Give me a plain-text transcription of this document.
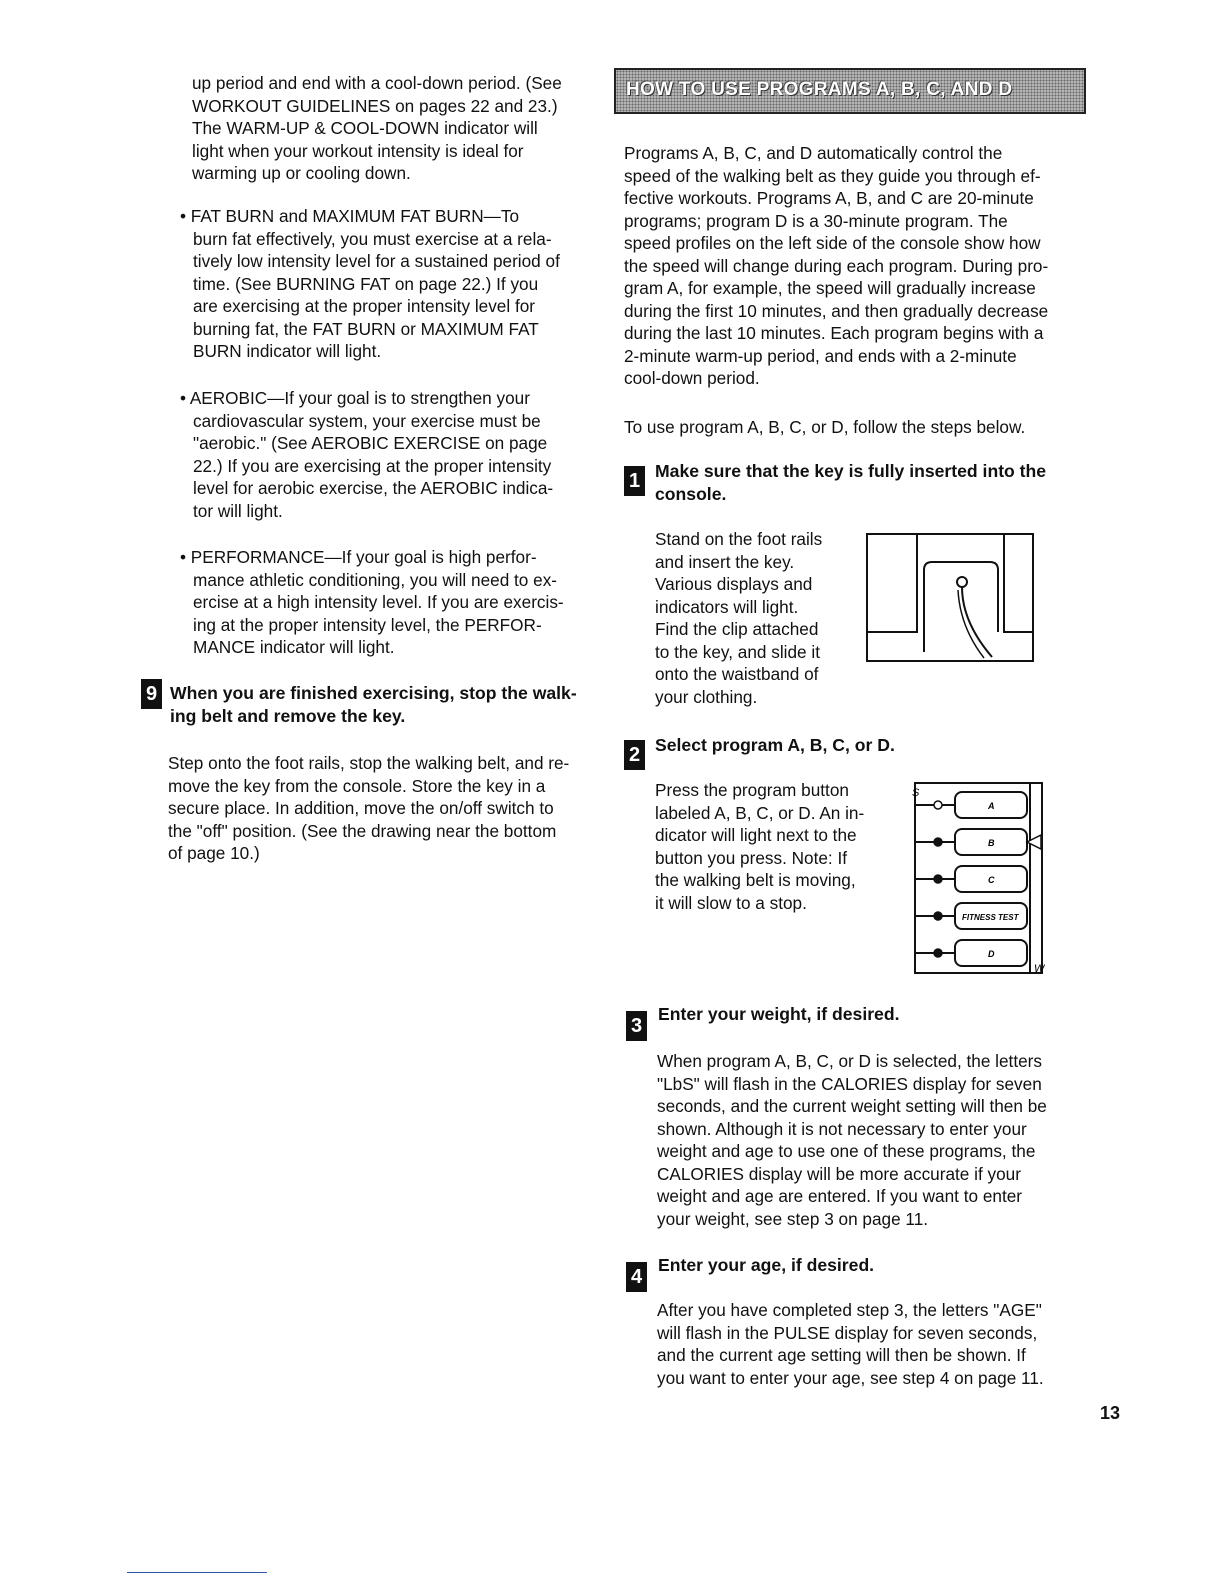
up period and end with a cool-down period. (See

WORKOUT GUIDELINES on pages 22 and 23.)

The WARM-UP & COOL-DOWN indicator will

light when your workout intensity is ideal for

warming up or cooling down.

• FAT BURN and MAXIMUM FAT BURN—To

burn fat effectively, you must exercise at a rela-

tively low intensity level for a sustained period of

time. (See BURNING FAT on page 22.) If you

are exercising at the proper intensity level for

burning fat, the FAT BURN or MAXIMUM FAT

BURN indicator will light.

• AEROBIC—If your goal is to strengthen your

cardiovascular system, your exercise must be

"aerobic." (See AEROBIC EXERCISE on page

22.) If you are exercising at the proper intensity

level for aerobic exercise, the AEROBIC indica-

tor will light.

• PERFORMANCE—If your goal is high perfor-

mance athletic conditioning, you will need to ex-

ercise at a high intensity level. If you are exercis-

ing at the proper intensity level, the PERFOR-

MANCE indicator will light.

9 When you are finished exercising, stop the walk-

ing belt and remove the key.

Step onto the foot rails, stop the walking belt, and re-

move the key from the console. Store the key in a

secure place. In addition, move the on/off switch to

the "off" position. (See the drawing near the bottom

of page 10.)

HOW TO USE PROGRAMS A, B, C, AND D

Programs A, B, C, and D automatically control the

speed of the walking belt as they guide you through ef-

fective workouts. Programs A, B, and C are 20-minute

programs; program D is a 30-minute program. The

speed profiles on the left side of the console show how

the speed will change during each program. During pro-

gram A, for example, the speed will gradually increase

during the first 10 minutes, and then gradually decrease

during the last 10 minutes. Each program begins with a

2-minute warm-up period, and ends with a 2-minute

cool-down period.

To use program A, B, C, or D, follow the steps below.

1 Make sure that the key is fully inserted into the

console.

Stand on the foot rails

and insert the key.

Various displays and

indicators will light.

Find the clip attached

to the key, and slide it

onto the waistband of

your clothing.

2 Select program A, B, C, or D.

Press the program button

labeled A, B, C, or D. An in-

dicator will light next to the

button you press. Note: If

the walking belt is moving,

it will slow to a stop.

S
W
A
B
C
FITNESS TEST
D
3

Enter your weight, if desired.

When program A, B, C, or D is selected, the letters

"LbS" will flash in the CALORIES display for seven

seconds, and the current weight setting will then be

shown. Although it is not necessary to enter your

weight and age to use one of these programs, the

CALORIES display will be more accurate if your

weight and age are entered. If you want to enter

your weight, see step 3 on page 11.

4

Enter your age, if desired.

After you have completed step 3, the letters "AGE"

will flash in the PULSE display for seven seconds,

and the current age setting will then be shown. If

you want to enter your age, see step 4 on page 11.

13
